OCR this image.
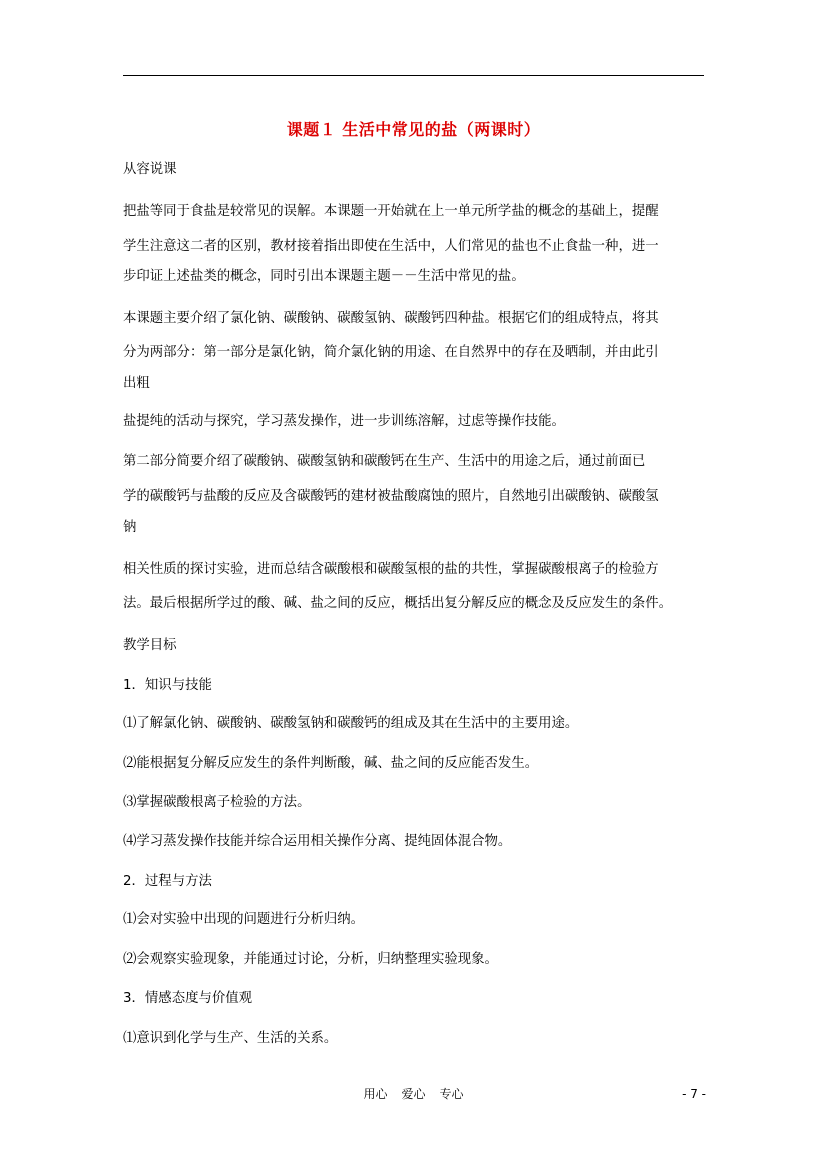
课题１ 生活中常见的盐（两课时）
从容说课
把盐等同于食盐是较常见的误解。本课题一开始就在上一单元所学盐的概念的基础上，提醒
学生注意这二者的区别，教材接着指出即使在生活中，人们常见的盐也不止食盐一种，进一
步印证上述盐类的概念，同时引出本课题主题－－生活中常见的盐。
本课题主要介绍了氯化钠、碳酸钠、碳酸氢钠、碳酸钙四种盐。根据它们的组成特点，将其
分为两部分：第一部分是氯化钠，简介氯化钠的用途、在自然界中的存在及晒制，并由此引
出粗
盐提纯的活动与探究，学习蒸发操作，进一步训练溶解，过虑等操作技能。
第二部分简要介绍了碳酸钠、碳酸氢钠和碳酸钙在生产、生活中的用途之后，通过前面已
学的碳酸钙与盐酸的反应及含碳酸钙的建材被盐酸腐蚀的照片，自然地引出碳酸钠、碳酸氢
钠
相关性质的探讨实验，进而总结含碳酸根和碳酸氢根的盐的共性，掌握碳酸根离子的检验方
法。最后根据所学过的酸、碱、盐之间的反应，概括出复分解反应的概念及反应发生的条件。
教学目标
1．知识与技能
⑴了解氯化钠、碳酸钠、碳酸氢钠和碳酸钙的组成及其在生活中的主要用途。
⑵能根据复分解反应发生的条件判断酸，碱、盐之间的反应能否发生。
⑶掌握碳酸根离子检验的方法。
⑷学习蒸发操作技能并综合运用相关操作分离、提纯固体混合物。
2．过程与方法
⑴会对实验中出现的问题进行分析归纳。
⑵会观察实验现象，并能通过讨论，分析，归纳整理实验现象。
3．情感态度与价值观
⑴意识到化学与生产、生活的关系。
用心 爱心 专心	- 7 -
